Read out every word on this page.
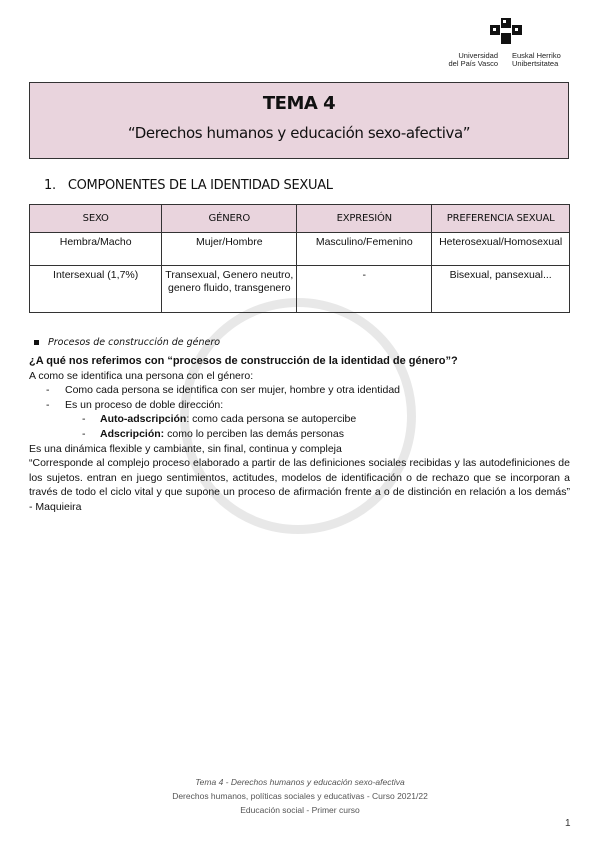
Universidad
del País Vasco
Euskal Herriko
Unibertsitatea
TEMA 4
“Derechos humanos y educación sexo-afectiva”
1. COMPONENTES DE LA IDENTIDAD SEXUAL
SEXO	GÉNERO	EXPRESIÓN	PREFERENCIA SEXUAL
Hembra/Macho	Mujer/Hombre	Masculino/Femenino	Heterosexual/Homosexual
Intersexual (1,7%)	Transexual, Genero neutro, genero fluido, transgenero	-	Bisexual, pansexual...
Procesos de construcción de género
¿A qué nos referimos con “procesos de construcción de la identidad de género”?
A como se identifica una persona con el género:
- Como cada persona se identifica con ser mujer, hombre y otra identidad
- Es un proceso de doble dirección:
- Auto-adscripción: como cada persona se autopercibe
- Adscripción: como lo perciben las demás personas
Es una dinámica flexible y cambiante, sin final, continua y compleja
“Corresponde al complejo proceso elaborado a partir de las definiciones sociales recibidas y las autodefiniciones de los sujetos. entran en juego sentimientos, actitudes, modelos de identificación o de rechazo que se incorporan a través de todo el ciclo vital y que supone un proceso de afirmación frente a o de distinción en relación a los demás” - Maquieira
Tema 4 - Derechos humanos y educación sexo-afectiva
Derechos humanos, políticas sociales y educativas - Curso 2021/22
Educación social - Primer curso
1
